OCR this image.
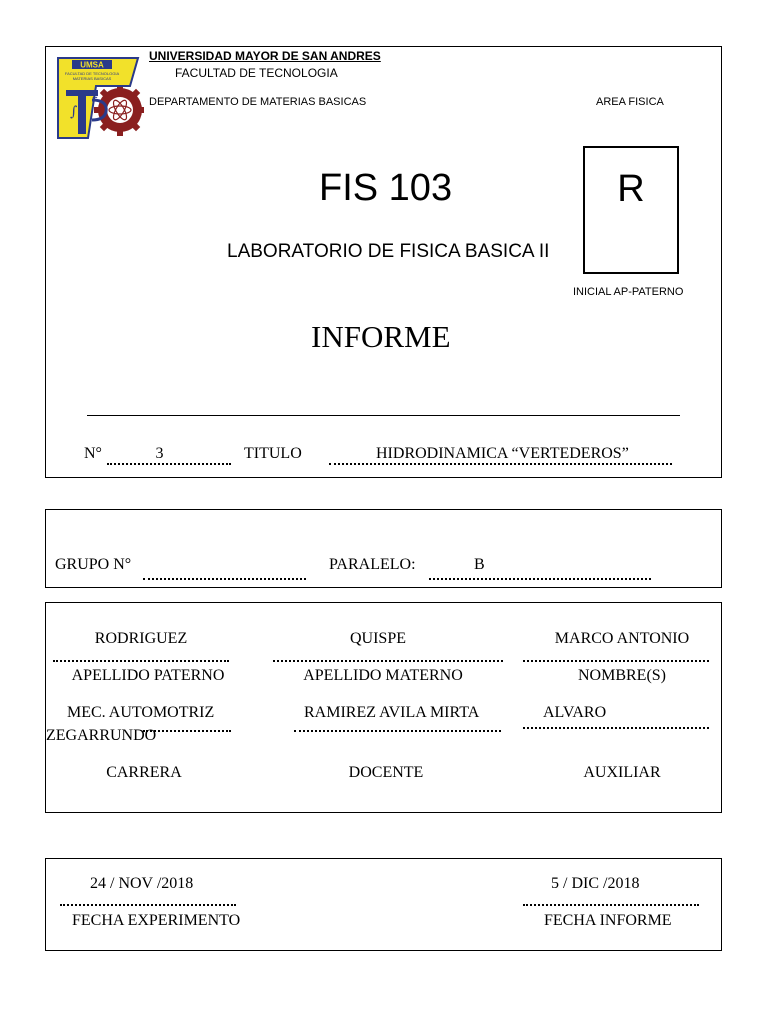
UMSA
FACULTAD DE TECNOLOGIA
MATERIAS BASICAS
∫
Σ
UNIVERSIDAD MAYOR DE SAN ANDRES
FACULTAD DE TECNOLOGIA
DEPARTAMENTO DE MATERIAS BASICAS	AREA FISICA
FIS 103
LABORATORIO DE FISICA BASICA II
R
INICIAL AP-PATERNO
INFORME
N°	3	TITULO	HIDRODINAMICA “VERTEDEROS”
GRUPO N°	PARALELO:	B
RODRIGUEZ	QUISPE	MARCO ANTONIO
APELLIDO PATERNO	APELLIDO MATERNO	NOMBRE(S)
MEC. AUTOMOTRIZ	RAMIREZ AVILA MIRTA	ALVARO
ZEGARRUNDO
CARRERA	DOCENTE	AUXILIAR
24 / NOV /2018
FECHA EXPERIMENTO
5 / DIC /2018
FECHA INFORME
